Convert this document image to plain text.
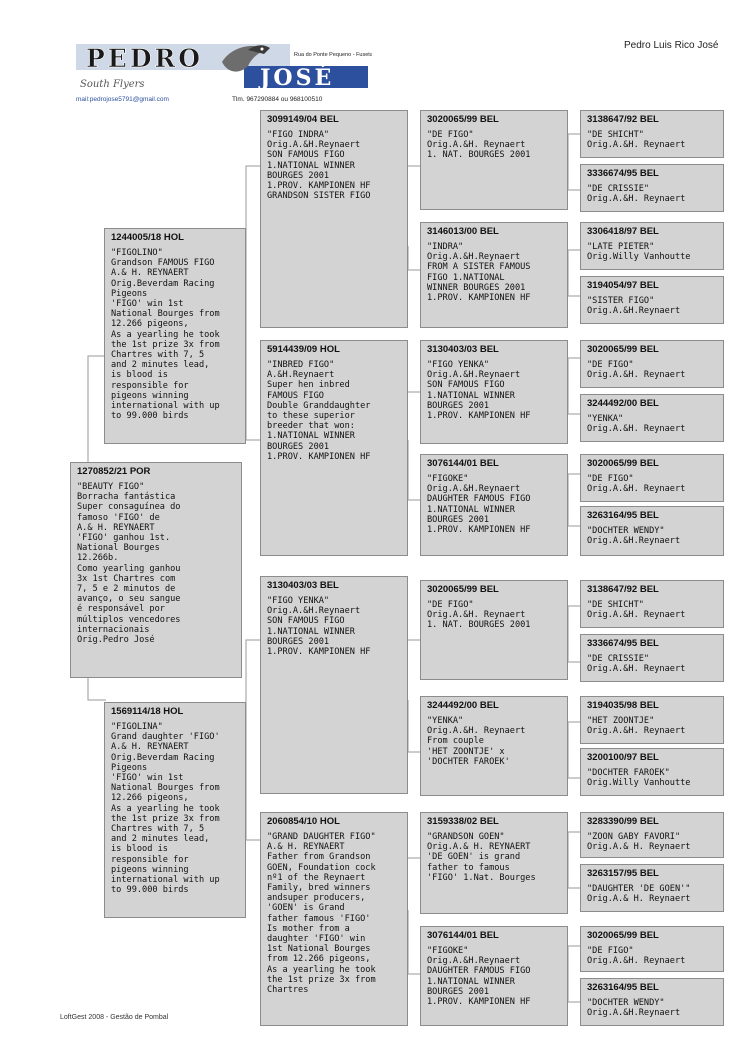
PEDRO
JOSÉ
Rua do Ponte Pequeno - Fuseta
South Flyers
mail:pedrojose5791@gmail.com	Tlm. 967290884 ou 968100510
Pedro Luis Rico José
1270852/21 POR
"BEAUTY FIGO"
Borracha fantástica
Super consaguínea do
famoso 'FIGO' de
A.& H. REYNAERT
'FIGO' ganhou 1st.
National Bourges
12.266b.
Como yearling ganhou
3x 1st Chartres com
7, 5 e 2 minutos de
avanço, o seu sangue
é responsável por
múltiplos vencedores
internacionais
Orig.Pedro José
1244005/18 HOL
"FIGOLINO"
Grandson FAMOUS FIGO
A.& H. REYNAERT
Orig.Beverdam Racing
Pigeons
'FIGO' win 1st
National Bourges from
12.266 pigeons,
As a yearling he took
the 1st prize 3x from
Chartres with 7, 5
and 2 minutes lead,
is blood is
responsible for
pigeons winning
international with up
to 99.000 birds
1569114/18 HOL
"FIGOLINA"
Grand daughter 'FIGO'
A.& H. REYNAERT
Orig.Beverdam Racing
Pigeons
'FIGO' win 1st
National Bourges from
12.266 pigeons,
As a yearling he took
the 1st prize 3x from
Chartres with 7, 5
and 2 minutes lead,
is blood is
responsible for
pigeons winning
international with up
to 99.000 birds
3099149/04 BEL
"FIGO INDRA"
Orig.A.&H.Reynaert
SON FAMOUS FIGO
1.NATIONAL WINNER
BOURGES 2001
1.PROV. KAMPIONEN HF
GRANDSON SISTER FIGO
5914439/09 HOL
"INBRED FIGO"
A.&H.Reynaert
Super hen inbred
FAMOUS FIGO
Double Granddaughter
to these superior
breeder that won:
1.NATIONAL WINNER
BOURGES 2001
1.PROV. KAMPIONEN HF
3130403/03 BEL
"FIGO YENKA"
Orig.A.&H.Reynaert
SON FAMOUS FIGO
1.NATIONAL WINNER
BOURGES 2001
1.PROV. KAMPIONEN HF
2060854/10 HOL
"GRAND DAUGHTER FIGO"
A.& H. REYNAERT
Father from Grandson
GOEN, Foundation cock
nº1 of the Reynaert
Family, bred winners
andsuper producers,
'GOEN' is Grand
father famous 'FIGO'
Is mother from a
daughter 'FIGO' win
1st National Bourges
from 12.266 pigeons,
As a yearling he took
the 1st prize 3x from
Chartres
3020065/99 BEL
"DE FIGO"
Orig.A.&H. Reynaert
1. NAT. BOURGES 2001
3146013/00 BEL
"INDRA"
Orig.A.&H.Reynaert
FROM A SISTER FAMOUS
FIGO 1.NATIONAL
WINNER BOURGES 2001
1.PROV. KAMPIONEN HF
3130403/03 BEL
"FIGO YENKA"
Orig.A.&H.Reynaert
SON FAMOUS FIGO
1.NATIONAL WINNER
BOURGES 2001
1.PROV. KAMPIONEN HF
3076144/01 BEL
"FIGOKE"
Orig.A.&H.Reynaert
DAUGHTER FAMOUS FIGO
1.NATIONAL WINNER
BOURGES 2001
1.PROV. KAMPIONEN HF
3020065/99 BEL
"DE FIGO"
Orig.A.&H. Reynaert
1. NAT. BOURGES 2001
3244492/00 BEL
"YENKA"
Orig.A.&H. Reynaert
From couple
'HET ZOONTJE' x
'DOCHTER FAROEK'
3159338/02 BEL
"GRANDSON GOEN"
Orig.A.& H. REYNAERT
'DE GOEN' is grand
father to famous
'FIGO' 1.Nat. Bourges
3076144/01 BEL
"FIGOKE"
Orig.A.&H.Reynaert
DAUGHTER FAMOUS FIGO
1.NATIONAL WINNER
BOURGES 2001
1.PROV. KAMPIONEN HF
3138647/92 BEL
"DE SHICHT"
Orig.A.&H. Reynaert
3336674/95 BEL
"DE CRISSIE"
Orig.A.&H. Reynaert
3306418/97 BEL
"LATE PIETER"
Orig.Willy Vanhoutte
3194054/97 BEL
"SISTER FIGO"
Orig.A.&H.Reynaert
3020065/99 BEL
"DE FIGO"
Orig.A.&H. Reynaert
3244492/00 BEL
"YENKA"
Orig.A.&H. Reynaert
3020065/99 BEL
"DE FIGO"
Orig.A.&H. Reynaert
3263164/95 BEL
"DOCHTER WENDY"
Orig.A.&H.Reynaert
3138647/92 BEL
"DE SHICHT"
Orig.A.&H. Reynaert
3336674/95 BEL
"DE CRISSIE"
Orig.A.&H. Reynaert
3194035/98 BEL
"HET ZOONTJE"
Orig.A.&H. Reynaert
3200100/97 BEL
"DOCHTER FAROEK"
Orig.Willy Vanhoutte
3283390/99 BEL
"ZOON GABY FAVORI"
Orig.A.& H. Reynaert
3263157/95 BEL
"DAUGHTER 'DE GOEN'"
Orig.A.& H. Reynaert
3020065/99 BEL
"DE FIGO"
Orig.A.&H. Reynaert
3263164/95 BEL
"DOCHTER WENDY"
Orig.A.&H.Reynaert
LoftGest 2008 - Gestão de Pombal
